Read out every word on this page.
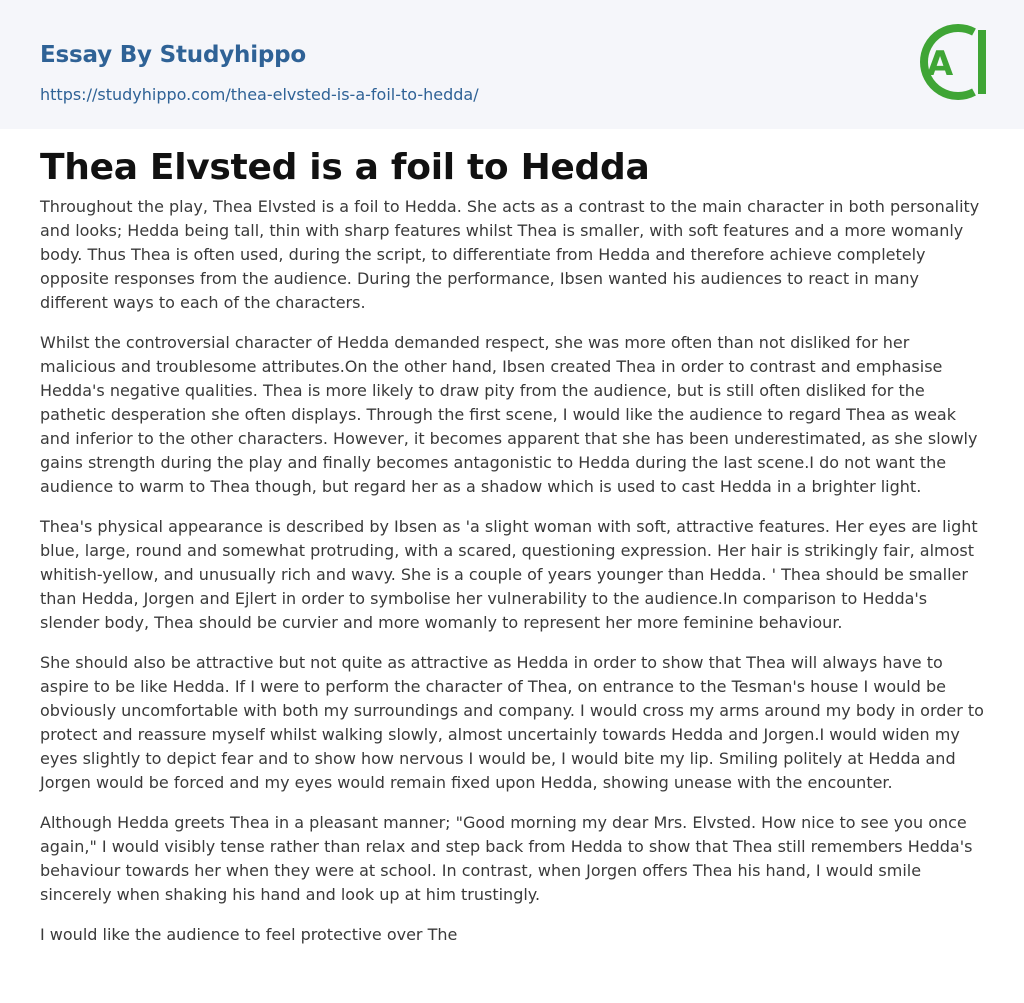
Essay By Studyhippo
https://studyhippo.com/thea-elvsted-is-a-foil-to-hedda/
A
Thea Elvsted is a foil to Hedda

Throughout the play, Thea Elvsted is a foil to Hedda. She acts as a contrast to the main character in both personality and looks; Hedda being tall, thin with sharp features whilst Thea is smaller, with soft features and a more womanly body. Thus Thea is often used, during the script, to differentiate from Hedda and therefore achieve completely opposite responses from the audience. During the performance, Ibsen wanted his audiences to react in many different ways to each of the characters.

Whilst the controversial character of Hedda demanded respect, she was more often than not disliked for her malicious and troublesome attributes.On the other hand, Ibsen created Thea in order to contrast and emphasise Hedda's negative qualities. Thea is more likely to draw pity from the audience, but is still often disliked for the pathetic desperation she often displays. Through the first scene, I would like the audience to regard Thea as weak and inferior to the other characters. However, it becomes apparent that she has been underestimated, as she slowly gains strength during the play and finally becomes antagonistic to Hedda during the last scene.I do not want the audience to warm to Thea though, but regard her as a shadow which is used to cast Hedda in a brighter light.

Thea's physical appearance is described by Ibsen as 'a slight woman with soft, attractive features. Her eyes are light blue, large, round and somewhat protruding, with a scared, questioning expression. Her hair is strikingly fair, almost whitish-yellow, and unusually rich and wavy. She is a couple of years younger than Hedda. ' Thea should be smaller than Hedda, Jorgen and Ejlert in order to symbolise her vulnerability to the audience.In comparison to Hedda's slender body, Thea should be curvier and more womanly to represent her more feminine behaviour.

She should also be attractive but not quite as attractive as Hedda in order to show that Thea will always have to aspire to be like Hedda. If I were to perform the character of Thea, on entrance to the Tesman's house I would be obviously uncomfortable with both my surroundings and company. I would cross my arms around my body in order to protect and reassure myself whilst walking slowly, almost uncertainly towards Hedda and Jorgen.I would widen my eyes slightly to depict fear and to show how nervous I would be, I would bite my lip. Smiling politely at Hedda and Jorgen would be forced and my eyes would remain fixed upon Hedda, showing unease with the encounter.

Although Hedda greets Thea in a pleasant manner; "Good morning my dear Mrs. Elvsted. How nice to see you once again," I would visibly tense rather than relax and step back from Hedda to show that Thea still remembers Hedda's behaviour towards her when they were at school. In contrast, when Jorgen offers Thea his hand, I would smile sincerely when shaking his hand and look up at him trustingly.

I would like the audience to feel protective over The
